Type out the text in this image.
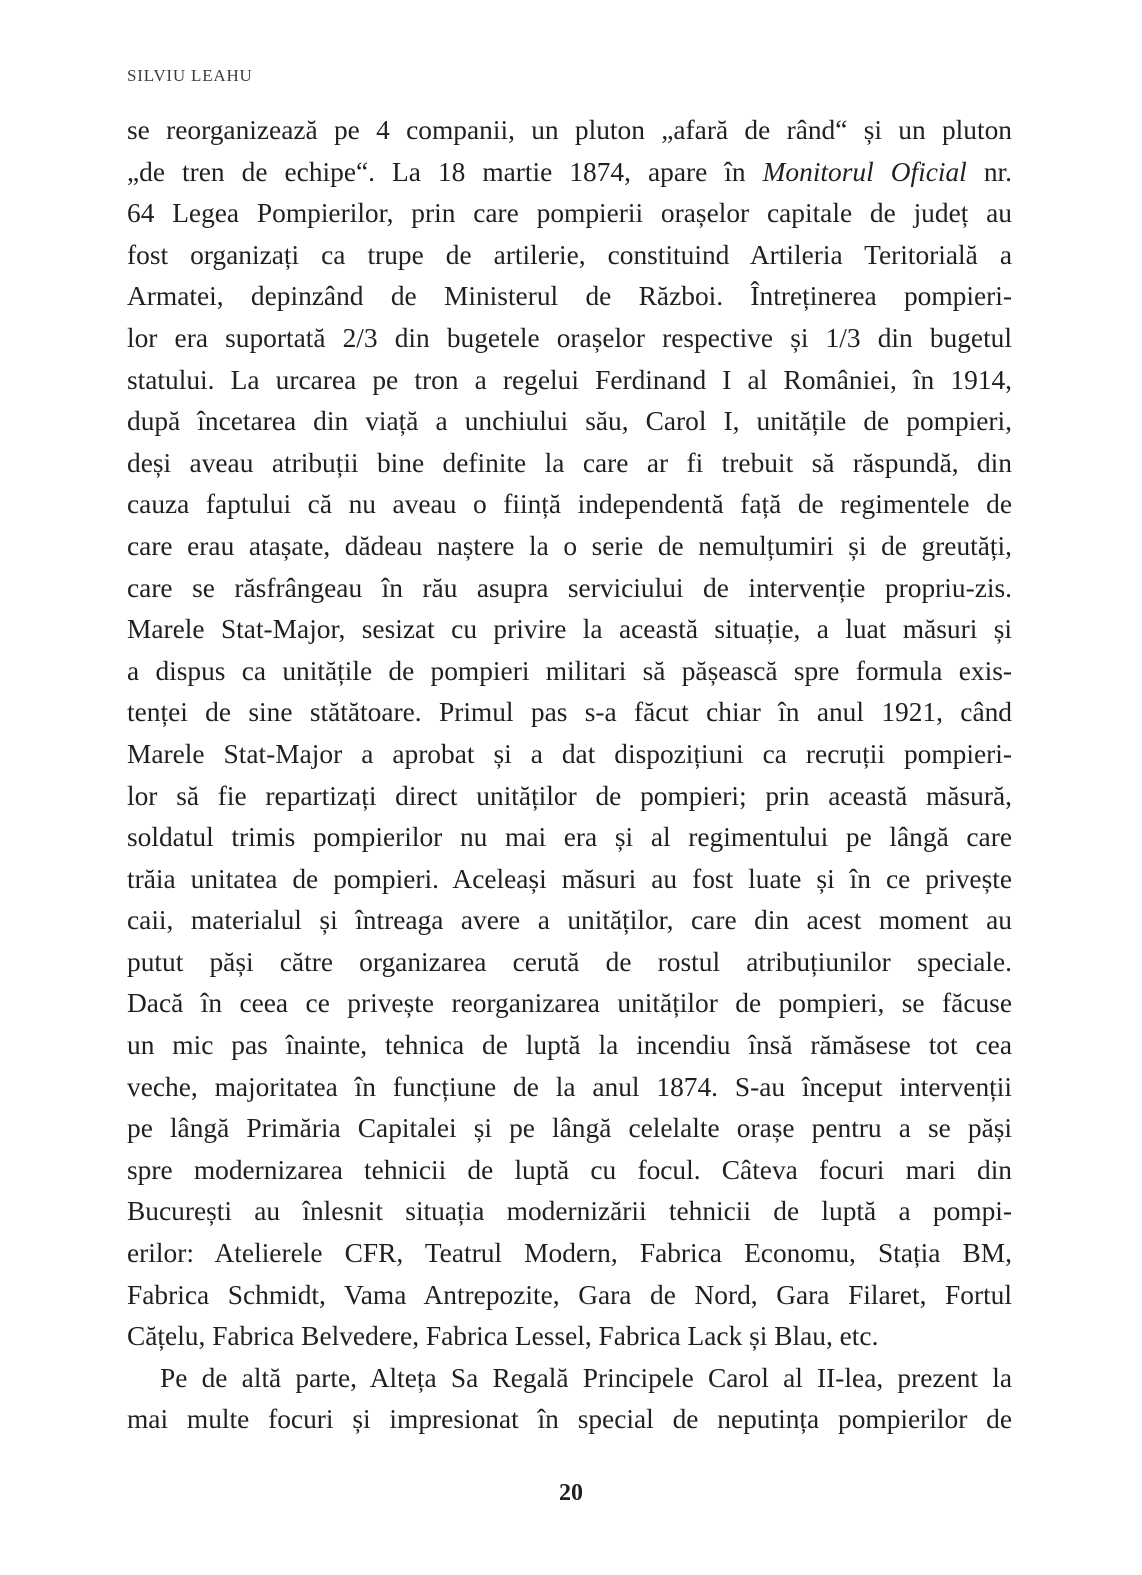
SILVIU LEAHU
se reorganizează pe 4 companii, un pluton „afară de rând“ și un pluton
„de tren de echipe“. La 18 martie 1874, apare în Monitorul Oficial nr.
64 Legea Pompierilor, prin care pompierii orașelor capitale de județ au
fost organizați ca trupe de artilerie, constituind Artileria Teritorială a
Armatei, depinzând de Ministerul de Război. Întreținerea pompieri-
lor era suportată 2/3 din bugetele orașelor respective și 1/3 din bugetul
statului. La urcarea pe tron a regelui Ferdinand I al României, în 1914,
după încetarea din viață a unchiului său, Carol I, unitățile de pompieri,
deși aveau atribuții bine definite la care ar fi trebuit să răspundă, din
cauza faptului că nu aveau o ființă independentă față de regimentele de
care erau atașate, dădeau naștere la o serie de nemulțumiri și de greutăți,
care se răsfrângeau în rău asupra serviciului de intervenție propriu-zis.
Marele Stat-Major, sesizat cu privire la această situație, a luat măsuri și
a dispus ca unitățile de pompieri militari să pășească spre formula exis-
tenței de sine stătătoare. Primul pas s-a făcut chiar în anul 1921, când
Marele Stat-Major a aprobat și a dat dispozițiuni ca recruții pompieri-
lor să fie repartizați direct unităților de pompieri; prin această măsură,
soldatul trimis pompierilor nu mai era și al regimentului pe lângă care
trăia unitatea de pompieri. Aceleași măsuri au fost luate și în ce privește
caii, materialul și întreaga avere a unităților, care din acest moment au
putut păși către organizarea cerută de rostul atribuțiunilor speciale.
Dacă în ceea ce privește reorganizarea unităților de pompieri, se făcuse
un mic pas înainte, tehnica de luptă la incendiu însă rămăsese tot cea
veche, majoritatea în funcțiune de la anul 1874. S-au început intervenții
pe lângă Primăria Capitalei și pe lângă celelalte orașe pentru a se păși
spre modernizarea tehnicii de luptă cu focul. Câteva focuri mari din
București au înlesnit situația modernizării tehnicii de luptă a pompi-
erilor: Atelierele CFR, Teatrul Modern, Fabrica Economu, Stația BM,
Fabrica Schmidt, Vama Antrepozite, Gara de Nord, Gara Filaret, Fortul
Cățelu, Fabrica Belvedere, Fabrica Lessel, Fabrica Lack și Blau, etc.
Pe de altă parte, Alteța Sa Regală Principele Carol al II-lea, prezent la
mai multe focuri și impresionat în special de neputința pompierilor de
20
